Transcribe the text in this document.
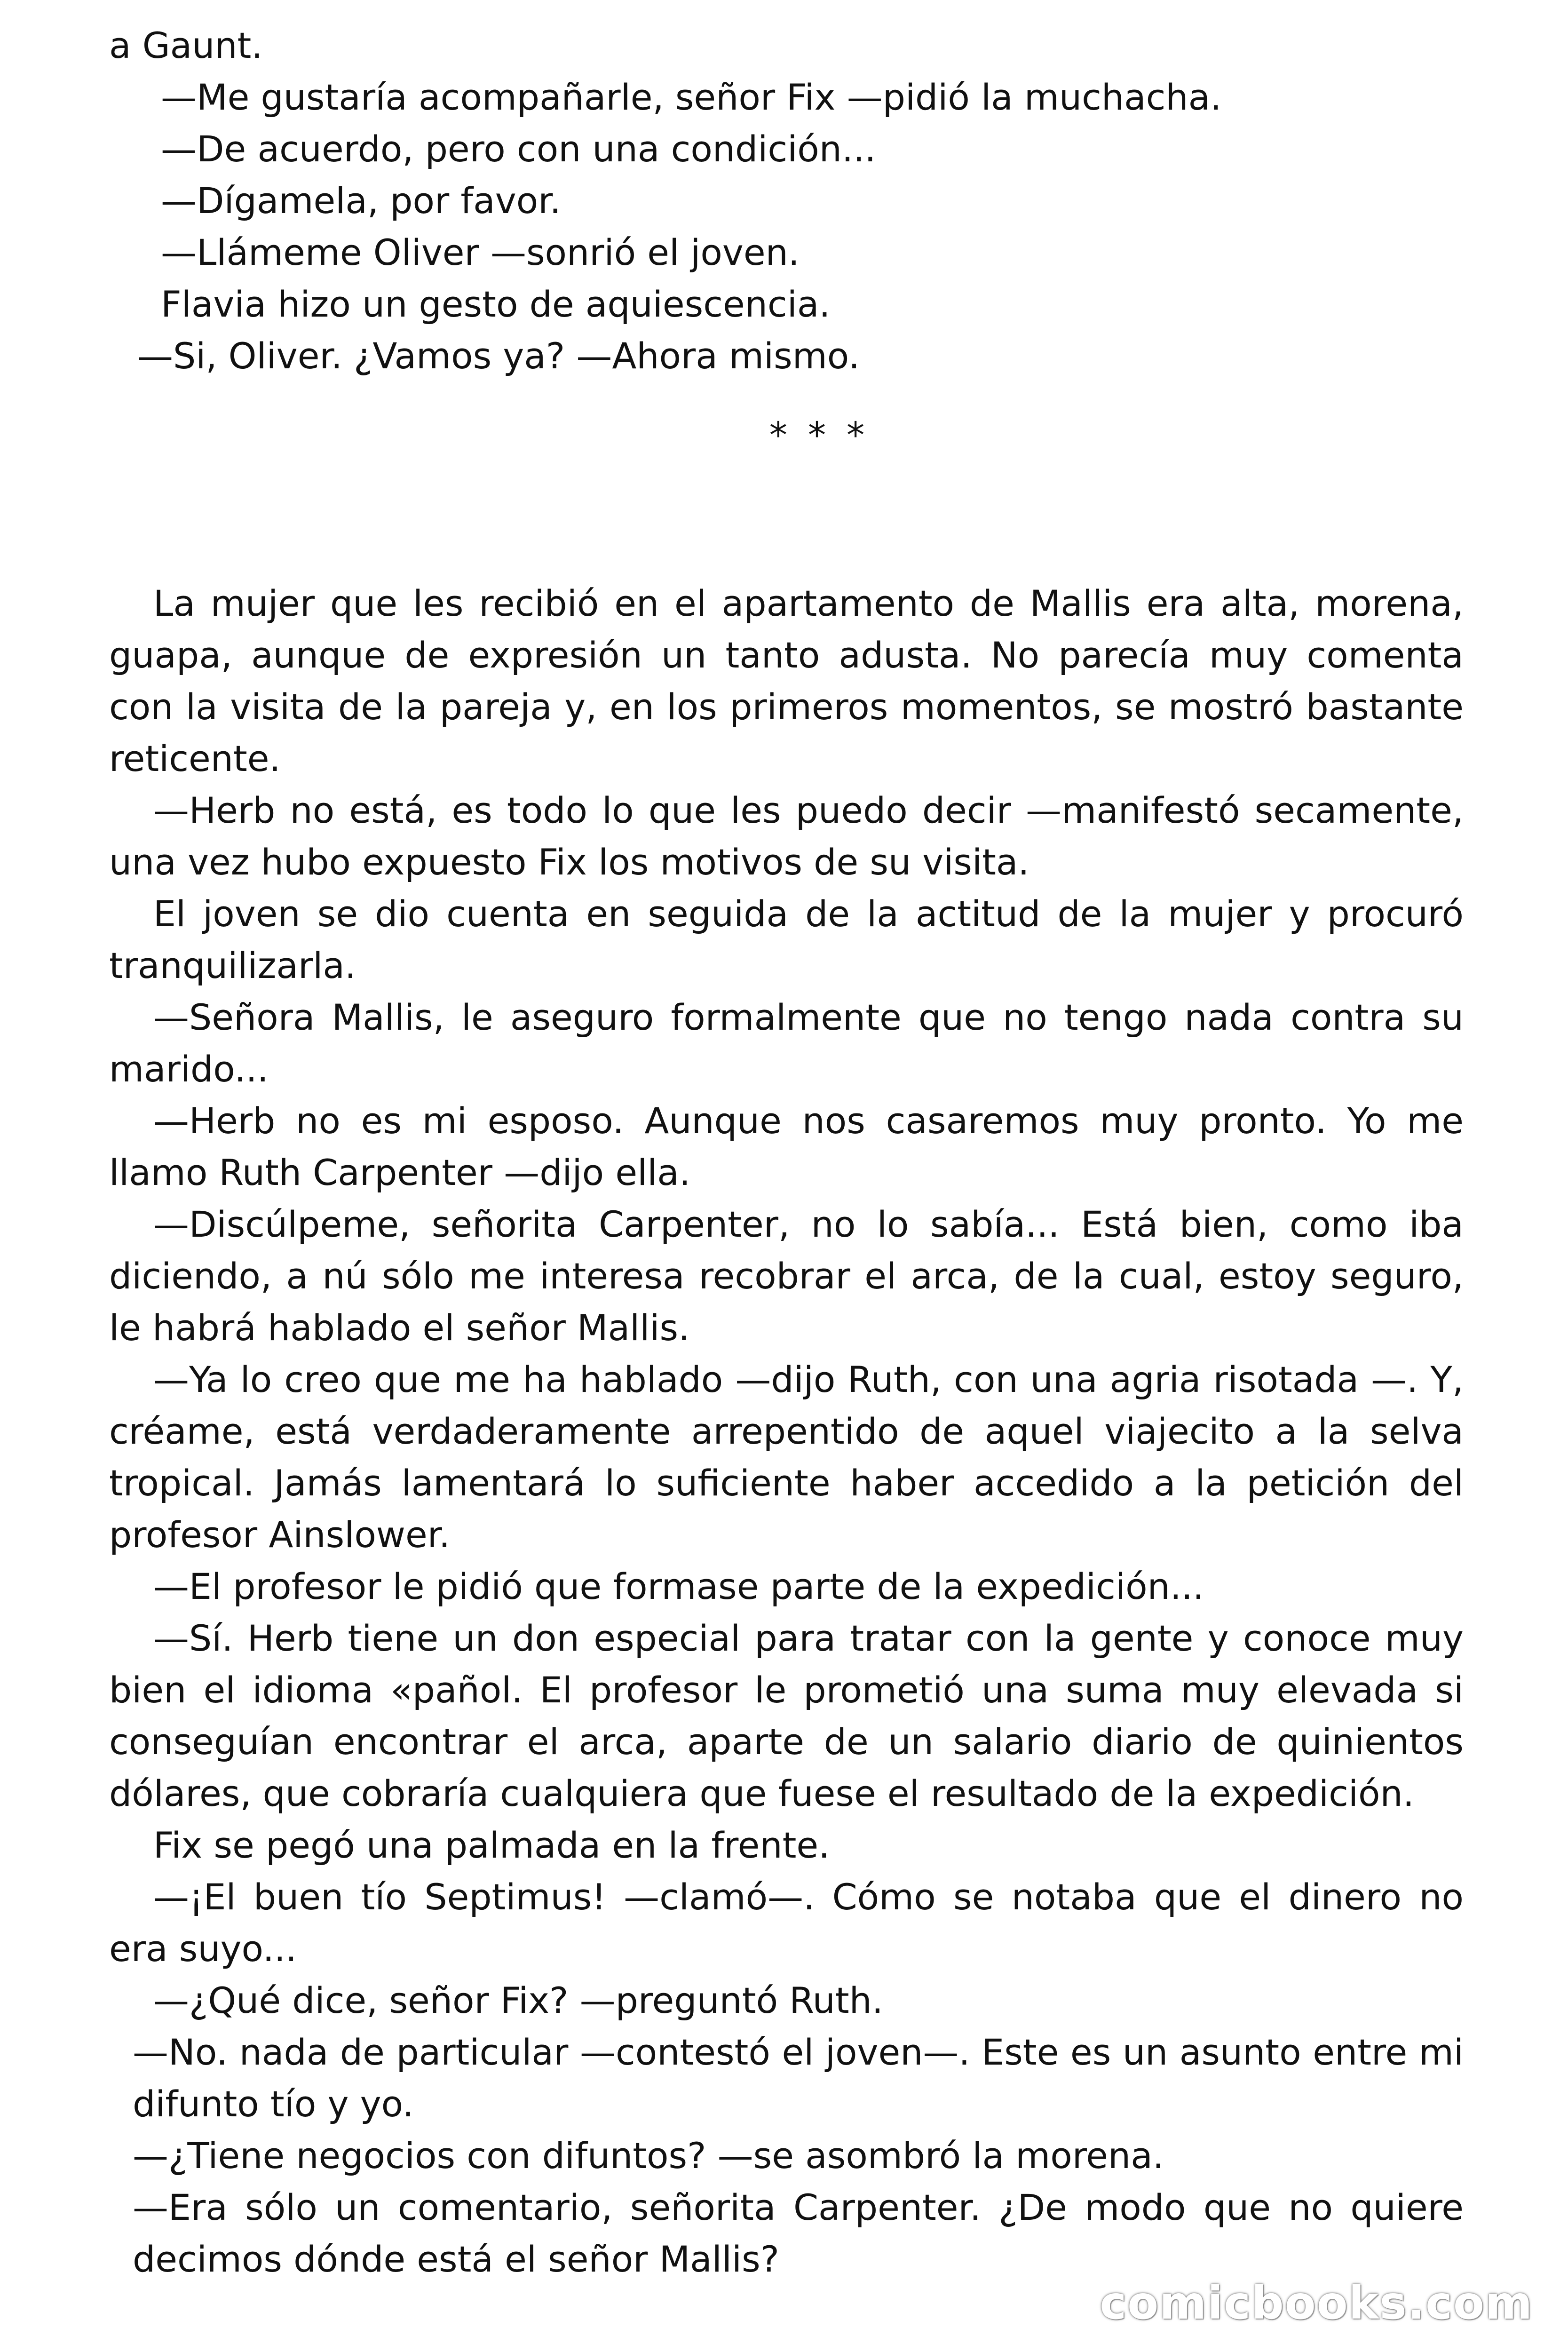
a Gaunt.

—Me gustaría acompañarle, señor Fix —pidió la muchacha.

—De acuerdo, pero con una condición...

—Dígamela, por favor.

—Llámeme Oliver —sonrió el joven.

Flavia hizo un gesto de aquiescencia.

—Si, Oliver. ¿Vamos ya? —Ahora mismo.

* * *

La mujer que les recibió en el apartamento de Mallis era alta, morena, guapa, aunque de expresión un tanto adusta. No parecía muy comenta con la visita de la pareja y, en los primeros momentos, se mostró bastante reticente.

—Herb no está, es todo lo que les puedo decir —manifestó secamente, una vez hubo expuesto Fix los motivos de su visita.

El joven se dio cuenta en seguida de la actitud de la mujer y procuró tranquilizarla.

—Señora Mallis, le aseguro formalmente que no tengo nada contra su marido...

—Herb no es mi esposo. Aunque nos casaremos muy pronto. Yo me llamo Ruth Carpenter —dijo ella.

—Discúlpeme, señorita Carpenter, no lo sabía... Está bien, como iba diciendo, a nú sólo me interesa recobrar el arca, de la cual, estoy seguro, le habrá hablado el señor Mallis.

—Ya lo creo que me ha hablado —dijo Ruth, con una agria risotada —. Y, créame, está verdaderamente arrepentido de aquel viajecito a la selva tropical. Jamás lamentará lo suficiente haber accedido a la petición del profesor Ainslower.

—El profesor le pidió que formase parte de la expedición...

—Sí. Herb tiene un don especial para tratar con la gente y conoce muy bien el idioma «pañol. El profesor le prometió una suma muy elevada si conseguían encontrar el arca, aparte de un salario diario de quinientos dólares, que cobraría cualquiera que fuese el resultado de la expedición.

Fix se pegó una palmada en la frente.

—¡El buen tío Septimus! —clamó—. Cómo se notaba que el dinero no era suyo...

—¿Qué dice, señor Fix? —preguntó Ruth.

—No. nada de particular —contestó el joven—. Este es un asunto entre mi difunto tío y yo.

—¿Tiene negocios con difuntos? —se asombró la morena.

—Era sólo un comentario, señorita Carpenter. ¿De modo que no quiere decimos dónde está el señor Mallis?

comicbooks.com
